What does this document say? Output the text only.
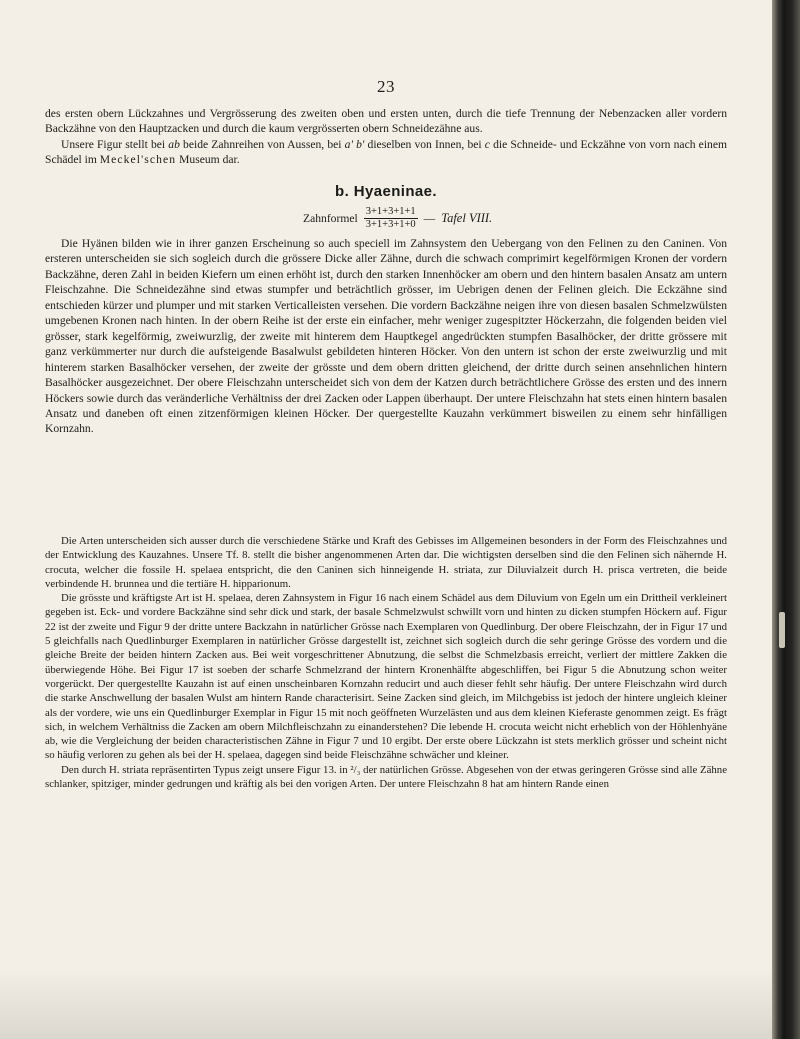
23

des ersten obern Lückzahnes und Vergrösserung des zweiten oben und ersten unten, durch die tiefe Trennung der Nebenzacken aller vordern Backzähne von den Hauptzacken und durch die kaum vergrösserten obern Schneidezähne aus.

Unsere Figur stellt bei ab beide Zahnreihen von Aussen, bei a' b' dieselben von Innen, bei c die Schneide- und Eckzähne von vorn nach einem Schädel im Meckel'schen Museum dar.

b. Hyaeninae.
Zahnformel $\frac{3+1+3+1+1}{3+1+3+1+0}$ — Tafel VIII.

Die Hyänen bilden wie in ihrer ganzen Erscheinung so auch speciell im Zahnsystem den Uebergang von den Felinen zu den Caninen. Von ersteren unterscheiden sie sich sogleich durch die grössere Dicke aller Zähne, durch die schwach comprimirt kegelförmigen Kronen der vordern Backzähne, deren Zahl in beiden Kiefern um einen erhöht ist, durch den starken Innenhöcker am obern und den hintern basalen Ansatz am untern Fleischzahne. Die Schneidezähne sind etwas stumpfer und beträchtlich grösser, im Uebrigen denen der Felinen gleich. Die Eckzähne sind entschieden kürzer und plumper und mit starken Verticalleisten versehen. Die vordern Backzähne neigen ihre von diesen basalen Schmelzwülsten umgebenen Kronen nach hinten. In der obern Reihe ist der erste ein einfacher, mehr weniger zugespitzter Höckerzahn, die folgenden beiden viel grösser, stark kegelförmig, zweiwurzlig, der zweite mit hinterem dem Hauptkegel angedrückten stumpfen Basalhöcker, der dritte grössere mit ganz verkümmerter nur durch die aufsteigende Basalwulst gebildeten hinteren Höcker. Von den untern ist schon der erste zweiwurzlig und mit hinterem starken Basalhöcker versehen, der zweite der grösste und dem obern dritten gleichend, der dritte durch seinen ansehnlichen hintern Basalhöcker ausgezeichnet. Der obere Fleischzahn unterscheidet sich von dem der Katzen durch beträchtlichere Grösse des ersten und des innern Höckers sowie durch das veränderliche Verhältniss der drei Zacken oder Lappen überhaupt. Der untere Fleischzahn hat stets einen hintern basalen Ansatz und daneben oft einen zitzenförmigen kleinen Höcker. Der quergestellte Kauzahn verkümmert bisweilen zu einem sehr hinfälligen Kornzahn.

Die Arten unterscheiden sich ausser durch die verschiedene Stärke und Kraft des Gebisses im Allgemeinen besonders in der Form des Fleischzahnes und der Entwicklung des Kauzahnes. Unsere Tf. 8. stellt die bisher angenommenen Arten dar. Die wichtigsten derselben sind die den Felinen sich nähernde H. crocuta, welcher die fossile H. spelaea entspricht, die den Caninen sich hinneigende H. striata, zur Diluvialzeit durch H. prisca vertreten, die beide verbindende H. brunnea und die tertiäre H. hipparionum.

Die grösste und kräftigste Art ist H. spelaea, deren Zahnsystem in Figur 16 nach einem Schädel aus dem Diluvium von Egeln um ein Drittheil verkleinert gegeben ist. Eck- und vordere Backzähne sind sehr dick und stark, der basale Schmelzwulst schwillt vorn und hinten zu dicken stumpfen Höckern auf. Figur 22 ist der zweite und Figur 9 der dritte untere Backzahn in natürlicher Grösse nach Exemplaren von Quedlinburg. Der obere Fleischzahn, der in Figur 17 und 5 gleichfalls nach Quedlinburger Exemplaren in natürlicher Grösse dargestellt ist, zeichnet sich sogleich durch die sehr geringe Grösse des vordern und die gleiche Breite der beiden hintern Zacken aus. Bei weit vorgeschrittener Abnutzung, die selbst die Schmelzbasis erreicht, verliert der mittlere Zakken die überwiegende Höhe. Bei Figur 17 ist soeben der scharfe Schmelzrand der hintern Kronenhälfte abgeschliffen, bei Figur 5 die Abnutzung schon weiter vorgerückt. Der quergestellte Kauzahn ist auf einen unscheinbaren Kornzahn reducirt und auch dieser fehlt sehr häufig. Der untere Fleischzahn wird durch die starke Anschwellung der basalen Wulst am hintern Rande characterisirt. Seine Zacken sind gleich, im Milchgebiss ist jedoch der hintere ungleich kleiner als der vordere, wie uns ein Quedlinburger Exemplar in Figur 15 mit noch geöffneten Wurzelästen und aus dem kleinen Kieferaste genommen zeigt. Es frägt sich, in welchem Verhältniss die Zacken am obern Milchfleischzahn zu einanderstehen? Die lebende H. crocuta weicht nicht erheblich von der Höhlenhyäne ab, wie die Vergleichung der beiden characteristischen Zähne in Figur 7 und 10 ergibt. Der erste obere Lückzahn ist stets merklich grösser und scheint nicht so häufig verloren zu gehen als bei der H. spelaea, dagegen sind beide Fleischzähne schwächer und kleiner.

Den durch H. striata repräsentirten Typus zeigt unsere Figur 13. in ²/₃ der natürlichen Grösse. Abgesehen von der etwas geringeren Grösse sind alle Zähne schlanker, spitziger, minder gedrungen und kräftig als bei den vorigen Arten. Der untere Fleischzahn 8 hat am hintern Rande einen
